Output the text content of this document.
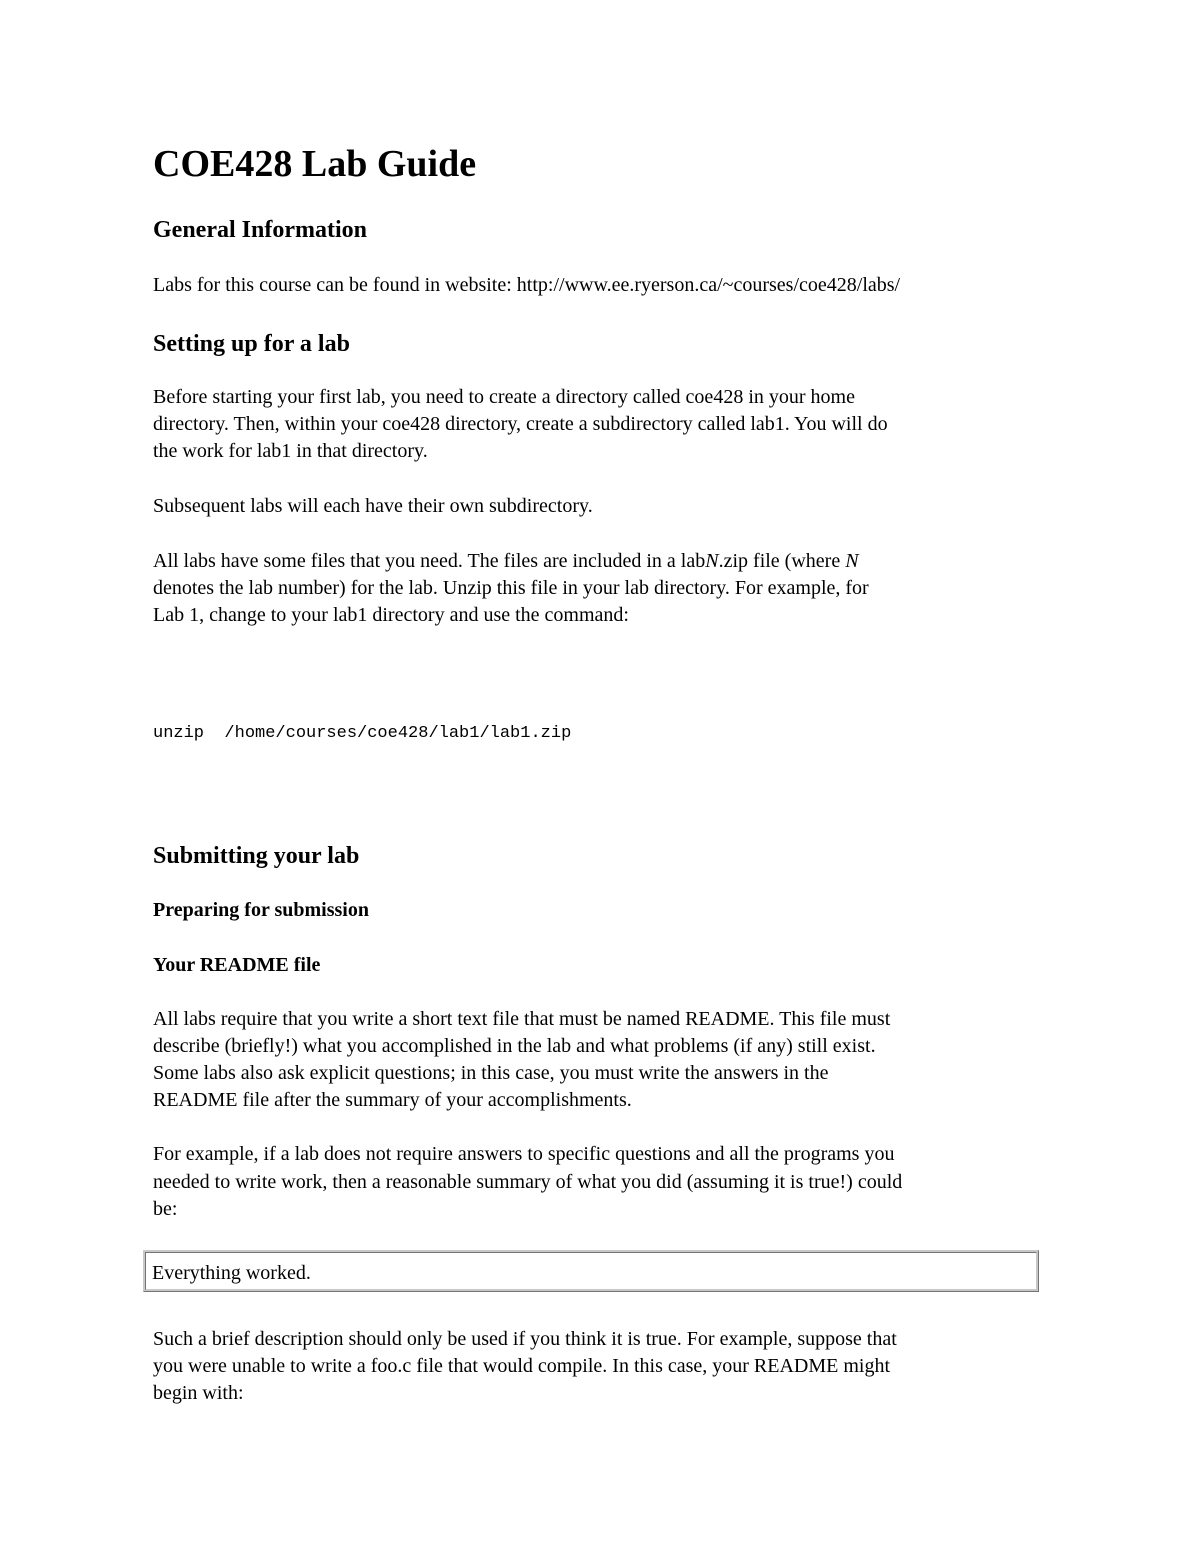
COE428 Lab Guide
General Information

Labs for this course can be found in website: http://www.ee.ryerson.ca/~courses/coe428/labs/

Setting up for a lab

Before starting your first lab, you need to create a directory called coe428 in your home

directory. Then, within your coe428 directory, create a subdirectory called lab1. You will do

the work for lab1 in that directory.

Subsequent labs will each have their own subdirectory.

All labs have some files that you need. The files are included in a labN.zip file (where N

denotes the lab number) for the lab. Unzip this file in your lab directory. For example, for

Lab 1, change to your lab1 directory and use the command:

unzip  /home/courses/coe428/lab1/lab1.zip
Submitting your lab
Preparing for submission
Your README file

All labs require that you write a short text file that must be named README. This file must

describe (briefly!) what you accomplished in the lab and what problems (if any) still exist.

Some labs also ask explicit questions; in this case, you must write the answers in the

README file after the summary of your accomplishments.

For example, if a lab does not require answers to specific questions and all the programs you

needed to write work, then a reasonable summary of what you did (assuming it is true!) could

be:

Everything worked.

Such a brief description should only be used if you think it is true. For example, suppose that

you were unable to write a foo.c file that would compile. In this case, your README might

begin with:
